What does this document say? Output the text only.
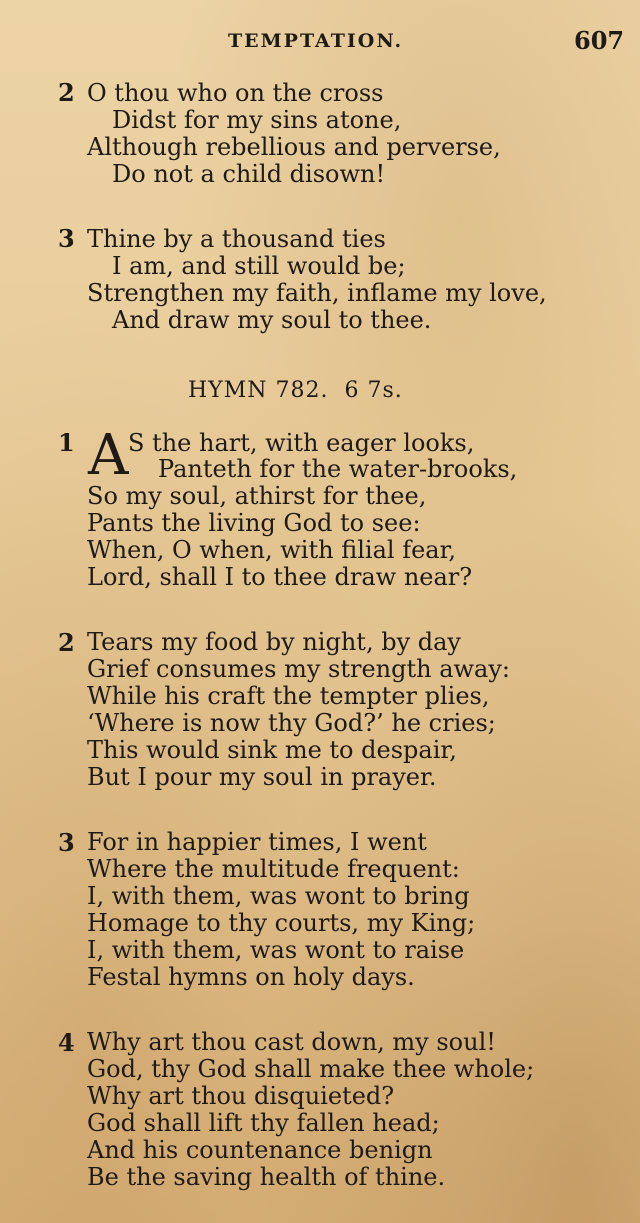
TEMPTATION.	607
2 O thou who on the cross
Didst for my sins atone,
Although rebellious and perverse,
Do not a child disown!
3 Thine by a thousand ties
I am, and still would be;
Strengthen my faith, inflame my love,
And draw my soul to thee.
HYMN 782. 6 7s.
1 A S the hart, with eager looks,
Panteth for the water-brooks,
So my soul, athirst for thee,
Pants the living God to see:
When, O when, with filial fear,
Lord, shall I to thee draw near?
2 Tears my food by night, by day
Grief consumes my strength away:
While his craft the tempter plies,
‘Where is now thy God?’ he cries;
This would sink me to despair,
But I pour my soul in prayer.
3 For in happier times, I went
Where the multitude frequent:
I, with them, was wont to bring
Homage to thy courts, my King;
I, with them, was wont to raise
Festal hymns on holy days.
4 Why art thou cast down, my soul!
God, thy God shall make thee whole;
Why art thou disquieted?
God shall lift thy fallen head;
And his countenance benign
Be the saving health of thine.
